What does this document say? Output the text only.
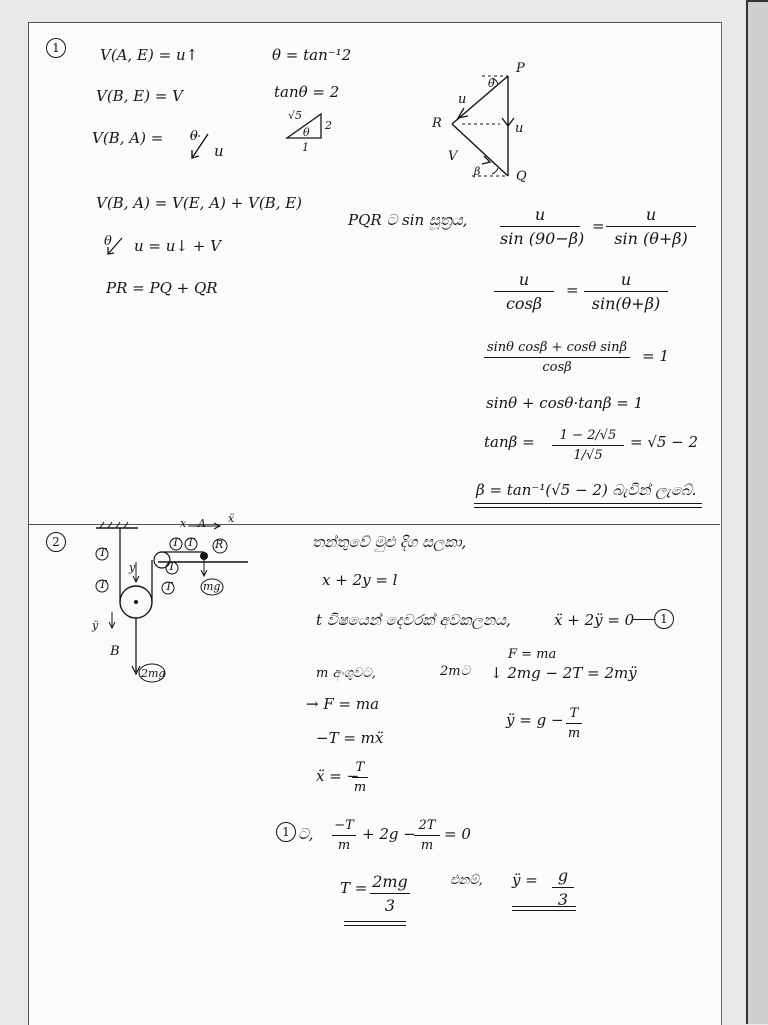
1	V(A, E) = u↑
V(B, E) = V
V(B, A) = θ
u
θ = tan⁻¹2
tanθ = 2
√5
2
1
θ
P
Q
R
u
u
V
θ
β
V(B, A) = V(E, A) + V(B, E)
θ u = u↓ + V
PR = PQ + QR
PQR ට sin සූත්‍රය,	u
sin (90−β)
=
u
sin (θ+β)
u
cosβ
=
u
sin(θ+β)
sinθ cosβ + cosθ sinβ
cosβ
= 1
sinθ + cosθ·tanβ = 1
tanβ =	1 − 2/√5
1/√5
= √5 − 2
β = tan⁻¹(√5 − 2) බැවින් ලැබේ.
2
T
T	T
T T
T
R
mg
2mg
x A ẍ
y
ÿ
B
තන්තුවේ මුළු දිග සලකා,
x + 2y = l
t විෂයෙන් දෙවරක් අවකලනය,	ẍ + 2ÿ = 0	1
m අංශුවට,
→ F = ma
−T = mẍ
ẍ = −
T
m
F = ma
2mට ↓ 2mg − 2T = 2mÿ
ÿ = g − T
m
1 ට, −T
m
+ 2g − 2T
m
= 0
T = 2mg
3
එනම්, ÿ =	g
3
